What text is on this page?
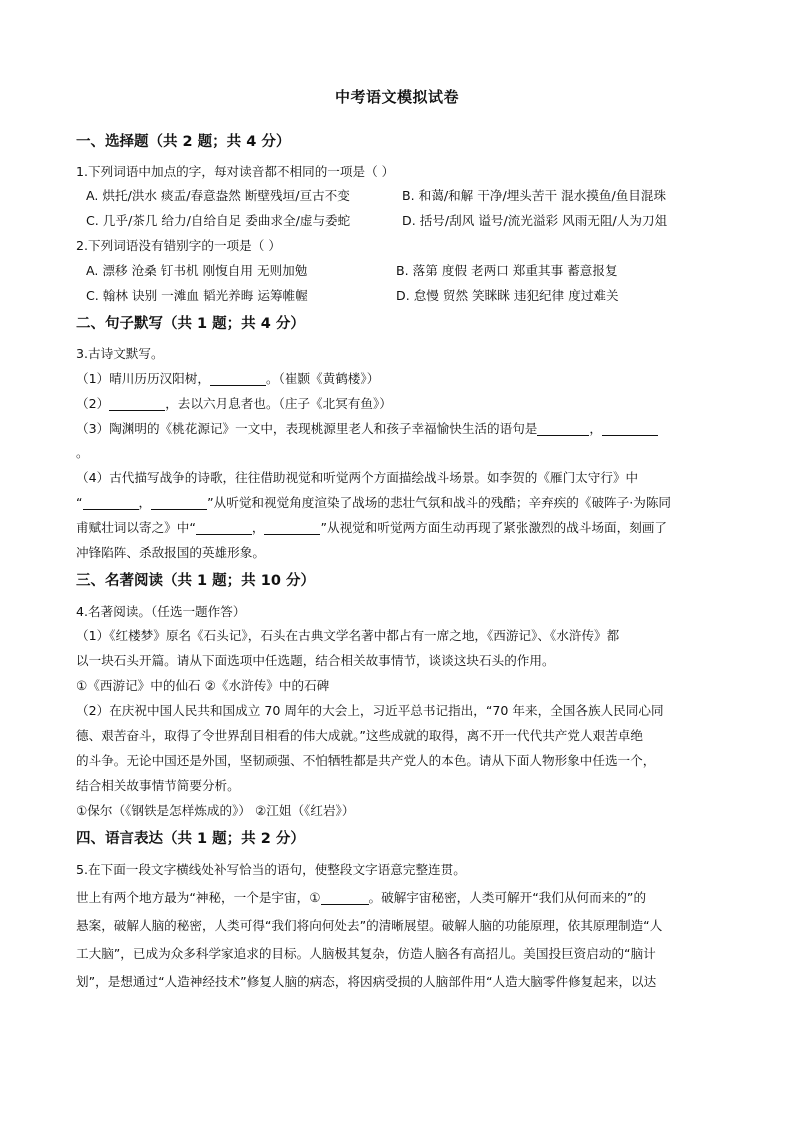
中考语文模拟试卷
一、选择题（共 2 题；共 4 分）
1.下列词语中加点的字，每对读音都不相同的一项是（ ）
A. 烘托/洪水 痰盂/春意盎然 断壁残垣/亘古不变	B. 和蔼/和解 干净/埋头苦干 混水摸鱼/鱼目混珠
C. 几乎/茶几 给力/自给自足 委曲求全/虚与委蛇	D. 括号/刮风 谥号/流光溢彩 风雨无阻/人为刀俎
2.下列词语没有错别字的一项是（ ）
A. 漂移 沧桑 钉书机 刚愎自用 无则加勉	B. 落第 度假 老两口 郑重其事 蓄意报复
C. 翰林 诀别 一滩血 韬光养晦 运筹帷幄	D. 怠慢 贸然 笑眯眯 违犯纪律 度过难关
二、句子默写（共 1 题；共 4 分）
3.古诗文默写。
（1）晴川历历汉阳树，	。（崔颢《黄鹤楼》）
（2）	，去以六月息者也。（庄子《北冥有鱼》）
（3）陶渊明的《桃花源记》一文中，表现桃源里老人和孩子幸福愉快生活的语句是	，
。
（4）古代描写战争的诗歌，往往借助视觉和听觉两个方面描绘战斗场景。如李贺的《雁门太守行》中
“	，	”从听觉和视觉角度渲染了战场的悲壮气氛和战斗的残酷；辛弃疾的《破阵子·为陈同
甫赋壮词以寄之》中“	，	”从视觉和听觉两方面生动再现了紧张激烈的战斗场面，刻画了
冲锋陷阵、杀敌报国的英雄形象。
三、名著阅读（共 1 题；共 10 分）
4.名著阅读。（任选一题作答）
（1）《红楼梦》原名《石头记》，石头在古典文学名著中都占有一席之地，《西游记》、《水浒传》都
以一块石头开篇。请从下面选项中任选题，结合相关故事情节，谈谈这块石头的作用。
①《西游记》中的仙石 ②《水浒传》中的石碑
（2）在庆祝中国人民共和国成立 70 周年的大会上，习近平总书记指出，“70 年来，全国各族人民同心同
德、艰苦奋斗，取得了令世界刮目相看的伟大成就。”这些成就的取得，离不开一代代共产党人艰苦卓绝
的斗争。无论中国还是外国，坚韧顽强、不怕牺牲都是共产党人的本色。请从下面人物形象中任选一个，
结合相关故事情节简要分析。
①保尔（《钢铁是怎样炼成的》） ②江姐（《红岩》）
四、语言表达（共 1 题；共 2 分）
5.在下面一段文字横线处补写恰当的语句，使整段文字语意完整连贯。
世上有两个地方最为“神秘，一个是宇宙，①	。破解宇宙秘密，人类可解开“我们从何而来的”的
悬案，破解人脑的秘密，人类可得“我们将向何处去”的清晰展望。破解人脑的功能原理，依其原理制造“人
工大脑”，已成为众多科学家追求的目标。人脑极其复杂，仿造人脑各有高招儿。美国投巨资启动的“脑计
划”，是想通过“人造神经技术”修复人脑的病态，将因病受损的人脑部件用“人造大脑零件修复起来，以达
